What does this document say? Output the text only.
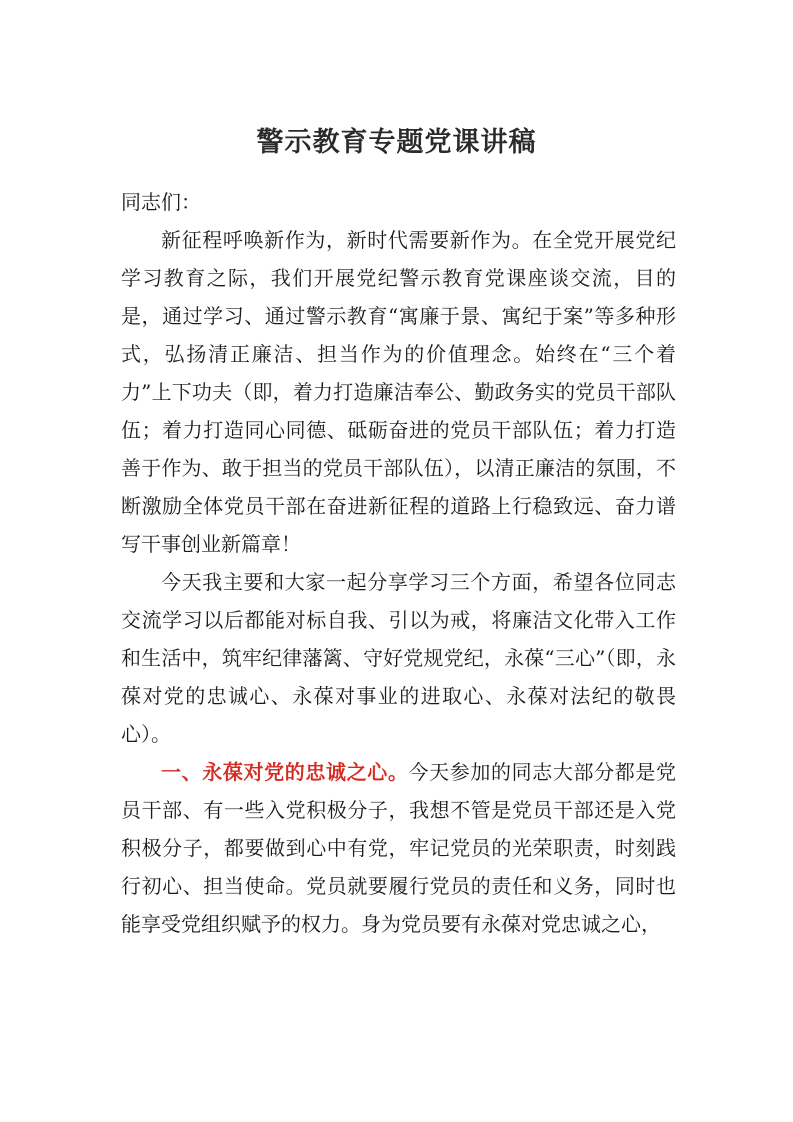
警示教育专题党课讲稿

同志们：

新征程呼唤新作为，新时代需要新作为。在全党开展党纪学习教育之际，我们开展党纪警示教育党课座谈交流，目的是，通过学习、通过警示教育“寓廉于景、寓纪于案”等多种形式，弘扬清正廉洁、担当作为的价值理念。始终在“三个着力”上下功夫（即，着力打造廉洁奉公、勤政务实的党员干部队伍；着力打造同心同德、砥砺奋进的党员干部队伍；着力打造善于作为、敢于担当的党员干部队伍），以清正廉洁的氛围，不断激励全体党员干部在奋进新征程的道路上行稳致远、奋力谱写干事创业新篇章！

今天我主要和大家一起分享学习三个方面，希望各位同志交流学习以后都能对标自我、引以为戒，将廉洁文化带入工作和生活中，筑牢纪律藩篱、守好党规党纪，永葆“三心”（即，永葆对党的忠诚心、永葆对事业的进取心、永葆对法纪的敬畏心）。

一、永葆对党的忠诚之心。今天参加的同志大部分都是党员干部、有一些入党积极分子，我想不管是党员干部还是入党积极分子，都要做到心中有党，牢记党员的光荣职责，时刻践行初心、担当使命。党员就要履行党员的责任和义务，同时也能享受党组织赋予的权力。身为党员要有永葆对党忠诚之心，
